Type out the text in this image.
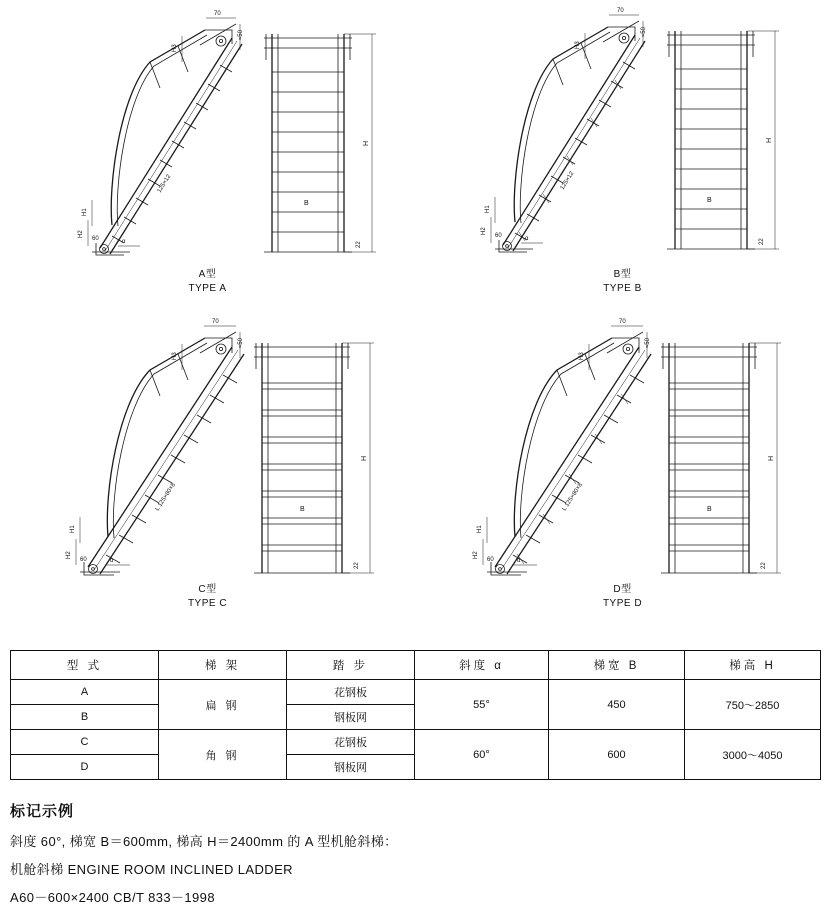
70
≈50
H3
H1
H2
60
125×12
α
B
H
22
A型
TYPE A
70
≈50
H3
H1
H2
60
125×12
α
B
H
22
B型
TYPE B
70
≈50
H3
H1
H2
60
L 125×80×8
α
B
H
22
C型
TYPE C
70
≈50
H3
H1
H2
60
L 125×80×8
α
B
H
22
D型
TYPE D
型 式	梯 架	踏 步	斜度 α	梯宽 B	梯高 H
A	扁 钢	花钢板	55°	450	750～2850
B		钢板网			
C	角 钢	花钢板	60°	600	3000～4050
D		钢板网			
标记示例

斜度 60°, 梯宽 B＝600mm, 梯高 H＝2400mm 的 A 型机舱斜梯：

机舱斜梯 ENGINE ROOM INCLINED LADDER

A60－600×2400 CB/T 833－1998
